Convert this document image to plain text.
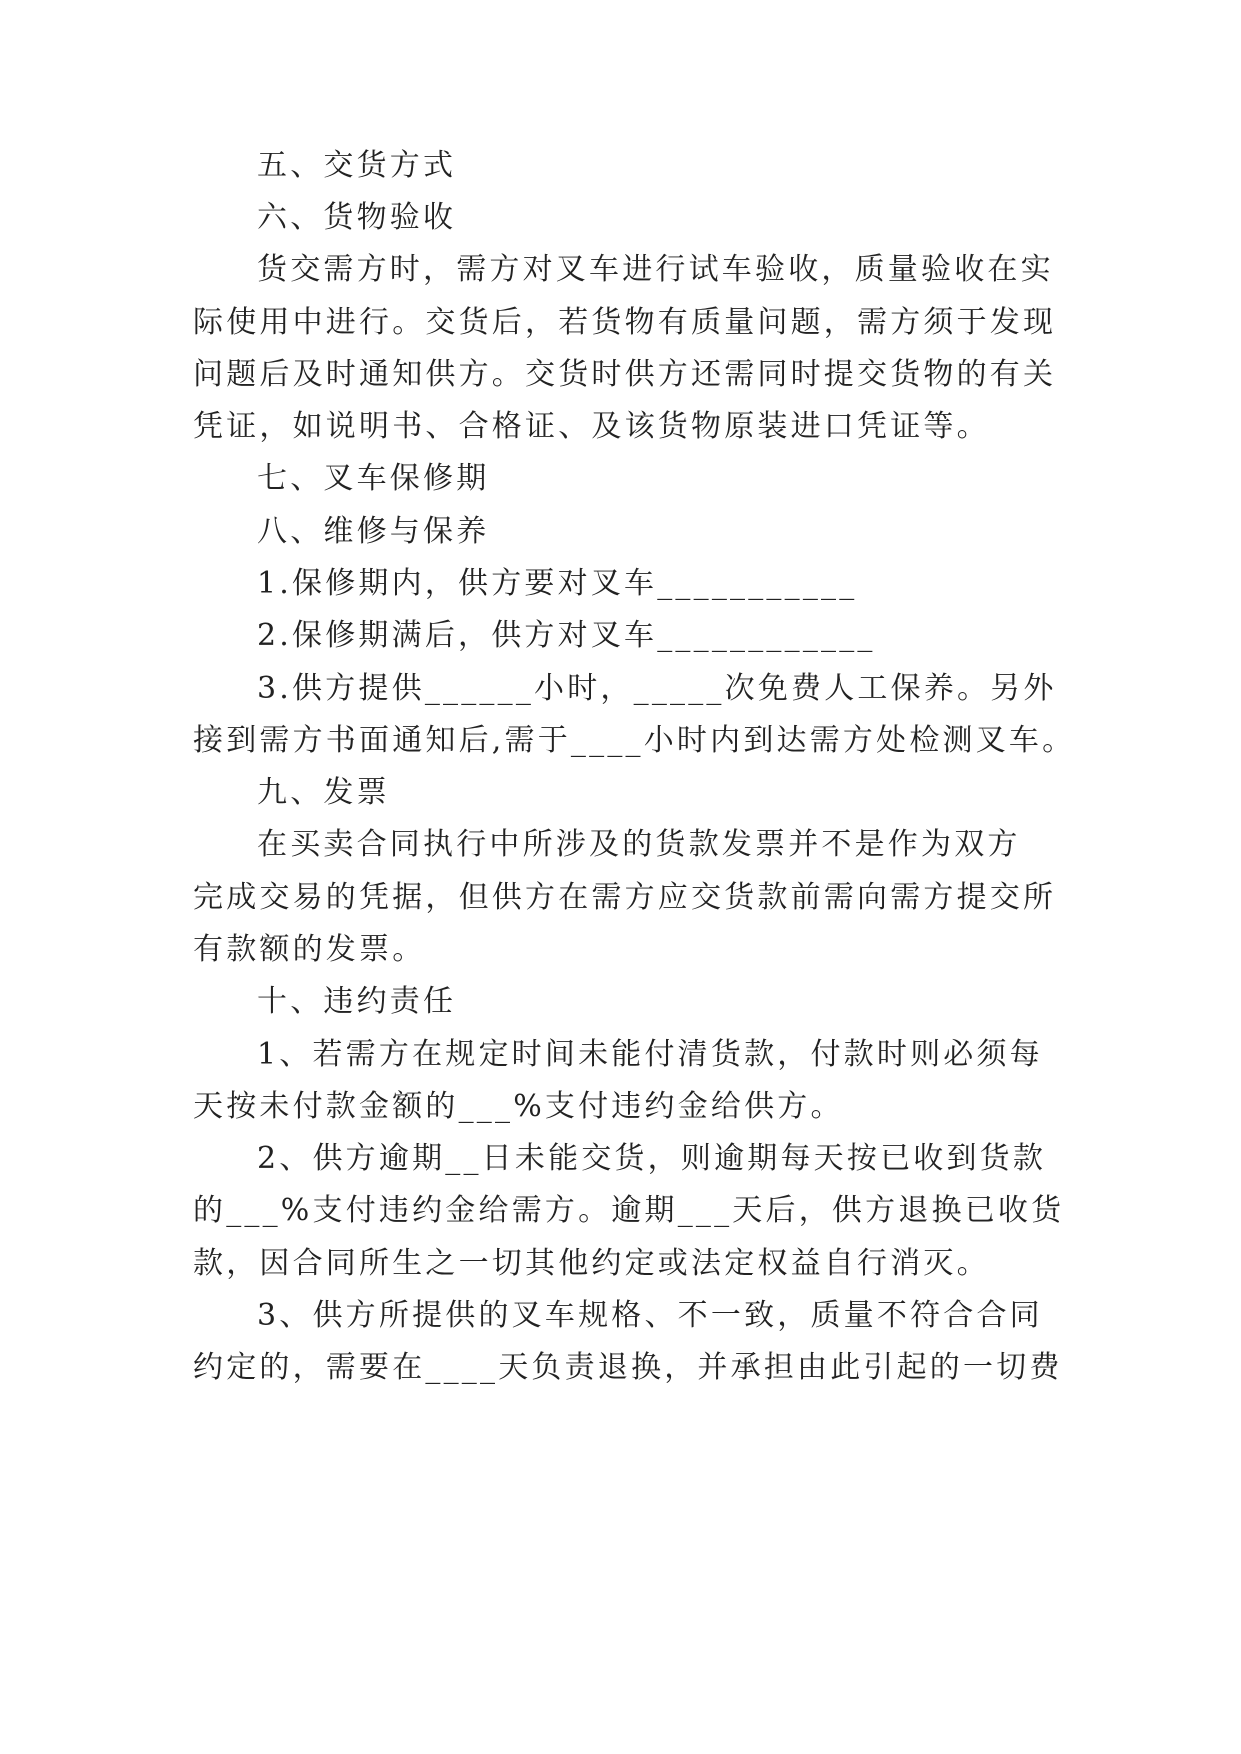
五、交货方式
六、货物验收
货交需方时，需方对叉车进行试车验收，质量验收在实
际使用中进行。交货后，若货物有质量问题，需方须于发现
问题后及时通知供方。交货时供方还需同时提交货物的有关
凭证，如说明书、合格证、及该货物原装进口凭证等。
七、叉车保修期
八、维修与保养
1.保修期内，供方要对叉车___________
2.保修期满后，供方对叉车____________
3.供方提供______小时，_____次免费人工保养。另外
接到需方书面通知后,需于____小时内到达需方处检测叉车。
九、发票
在买卖合同执行中所涉及的货款发票并不是作为双方
完成交易的凭据，但供方在需方应交货款前需向需方提交所
有款额的发票。
十、违约责任
1、若需方在规定时间未能付清货款，付款时则必须每
天按未付款金额的___%支付违约金给供方。
2、供方逾期__日未能交货，则逾期每天按已收到货款
的___%支付违约金给需方。逾期___天后，供方退换已收货
款，因合同所生之一切其他约定或法定权益自行消灭。
3、供方所提供的叉车规格、不一致，质量不符合合同
约定的，需要在____天负责退换，并承担由此引起的一切费
